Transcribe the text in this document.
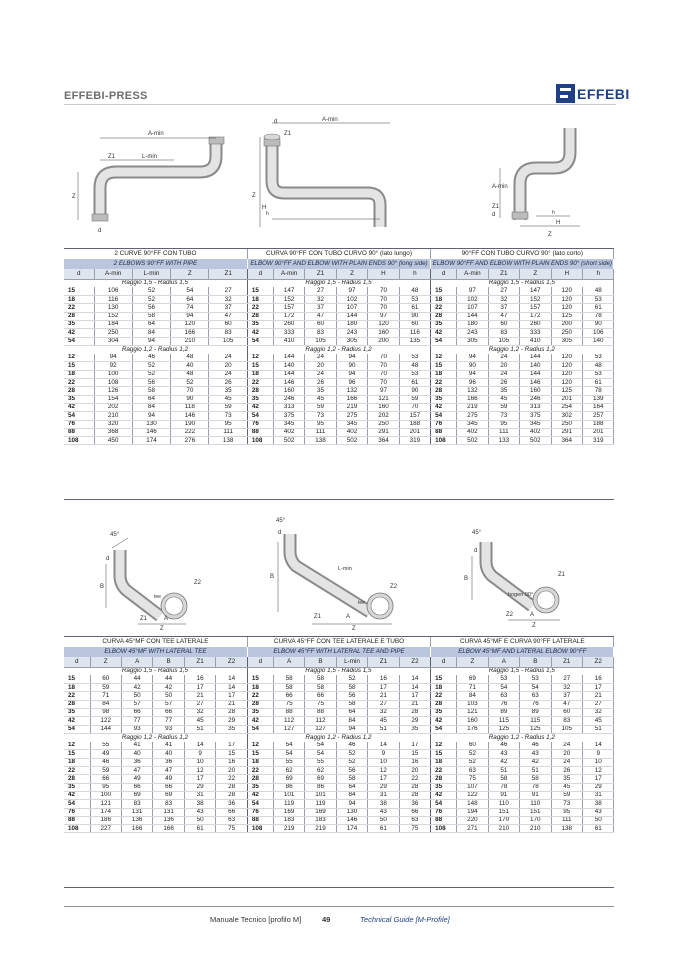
EFFEBI-PRESS	EFFEBI
A-min
L-min
Z1
Z
d
d	A-min
Z1
Z
H
h
A-min
Z1
d
Z
H
h
45°
d
B
tee
Z2
Z1	A
Z
45°
d
B
L-min
Z2
tee
Z1	A
Z
45°
d
B
Z1
bogen 90°
Z2	A
Z
2 CURVE 90°FF CON TUBO					CURVA 90°FF CON TUBO CURVO 90° (lato lungo)						90°FF CON TUBO CURVO 90° (lato corto)					
2 ELBOWS 90°FF WITH PIPE					ELBOW 90°FF AND ELBOW WITH PLAIN ENDS 90° (long side)						ELBOW 90°FF AND ELBOW WITH PLAIN ENDS 90° (short side)					
d	A-min	L-min	Z	Z1	d	A-min	Z1	Z	H	h	d	A-min	Z1	Z	H	h
Raggio 1,5 - Radius 1,5					Raggio 1,5 - Radius 1,5						Raggio 1,5 - Radius 1,5					
15	106	52	54	27	15	147	27	97	70	48	15	97	27	147	120	48
18	116	52	64	32	18	152	32	102	70	53	18	102	32	152	120	53
22	130	56	74	37	22	157	37	107	70	61	22	107	37	157	120	61
28	152	58	94	47	28	172	47	144	97	90	28	144	47	172	125	78
35	184	64	120	60	35	260	60	180	120	60	35	180	60	260	200	90
42	250	84	166	83	42	333	83	243	160	116	42	243	83	333	250	106
54	304	94	210	105	54	410	105	305	200	135	54	305	105	410	305	140
Raggio 1,2 - Radius 1,2					Raggio 1,2 - Radius 1,2						Raggio 1,2 - Radius 1,2					
12	94	46	48	24	12	144	24	94	70	53	12	94	24	144	120	53
15	92	52	40	20	15	140	20	90	70	48	15	90	20	140	120	48
18	100	52	48	24	18	144	24	94	70	53	18	94	24	144	120	53
22	108	56	52	26	22	146	26	96	70	61	22	96	26	146	120	61
28	126	58	70	35	28	160	35	132	97	90	28	132	35	160	125	78
35	154	64	90	45	35	246	45	166	121	59	35	166	45	246	201	139
42	202	84	118	59	42	313	59	219	160	70	42	219	59	313	254	164
54	210	94	146	73	54	375	73	275	202	157	54	275	73	375	302	257
76	320	130	190	95	76	345	95	345	250	188	76	345	95	345	250	188
88	368	146	222	111	88	402	111	402	291	201	88	402	111	402	291	201
108	450	174	276	138	108	502	138	502	364	319	108	502	133	502	364	319
CURVA 45°MF CON TEE LATERALE						CURVA 45°FF CON TEE LATERALE E TUBO						CURVA 45°MF E CURVA 90°FF LATERALE					
ELBOW 45°MF WITH LATERAL TEE						ELBOW 45°FF WITH LATERAL TEE AND PIPE						ELBOW 45°MF AND LATERAL ELBOW 90°FF					
d	Z	A	B	Z1	Z2	d	A	B	L-min	Z1	Z2	d	Z	A	B	Z1	Z2
Raggio 1,5 - Radius 1,5						Raggio 1,5 - Radius 1,5						Raggio 1,5 - Radius 1,5					
15	60	44	44	16	14	15	58	58	52	16	14	15	69	53	53	27	16
18	59	42	42	17	14	18	58	58	58	17	14	18	71	54	54	32	17
22	71	50	50	21	17	22	66	66	56	21	17	22	84	63	63	37	21
28	84	57	57	27	21	28	75	75	58	27	21	28	103	76	76	47	27
35	98	66	66	32	28	35	88	88	64	32	28	35	121	89	89	60	32
42	122	77	77	45	29	42	112	112	84	45	29	42	160	115	115	83	45
54	144	93	93	51	35	54	127	127	94	51	35	54	176	125	125	105	51
Raggio 1,2 - Radius 1,2						Raggio 1,2 - Radius 1,2						Raggio 1,2 - Radius 1,2					
12	55	41	41	14	17	12	54	54	46	14	17	12	60	46	46	24	14
15	49	40	40	9	15	15	54	54	52	9	15	15	52	43	43	20	9
18	46	36	36	10	16	18	55	55	52	10	16	18	52	42	42	24	10
22	59	47	47	12	20	22	62	62	56	12	20	22	63	51	51	26	12
28	66	49	49	17	22	28	69	69	58	17	22	28	75	58	58	35	17
35	95	66	66	29	28	35	86	86	64	29	28	35	107	78	78	45	29
42	100	69	69	31	28	42	101	101	84	31	28	42	122	91	91	59	31
54	121	83	83	38	36	54	119	119	94	38	36	54	148	110	110	73	38
76	174	131	131	43	66	76	169	169	130	43	66	76	194	151	151	95	43
88	186	136	136	50	63	88	183	183	146	50	63	88	220	170	170	111	50
108	227	166	166	61	75	108	219	219	174	61	75	108	271	210	210	138	61
Manuale Tecnico [profilo M]	49	Technical Guide [M-Profile]
